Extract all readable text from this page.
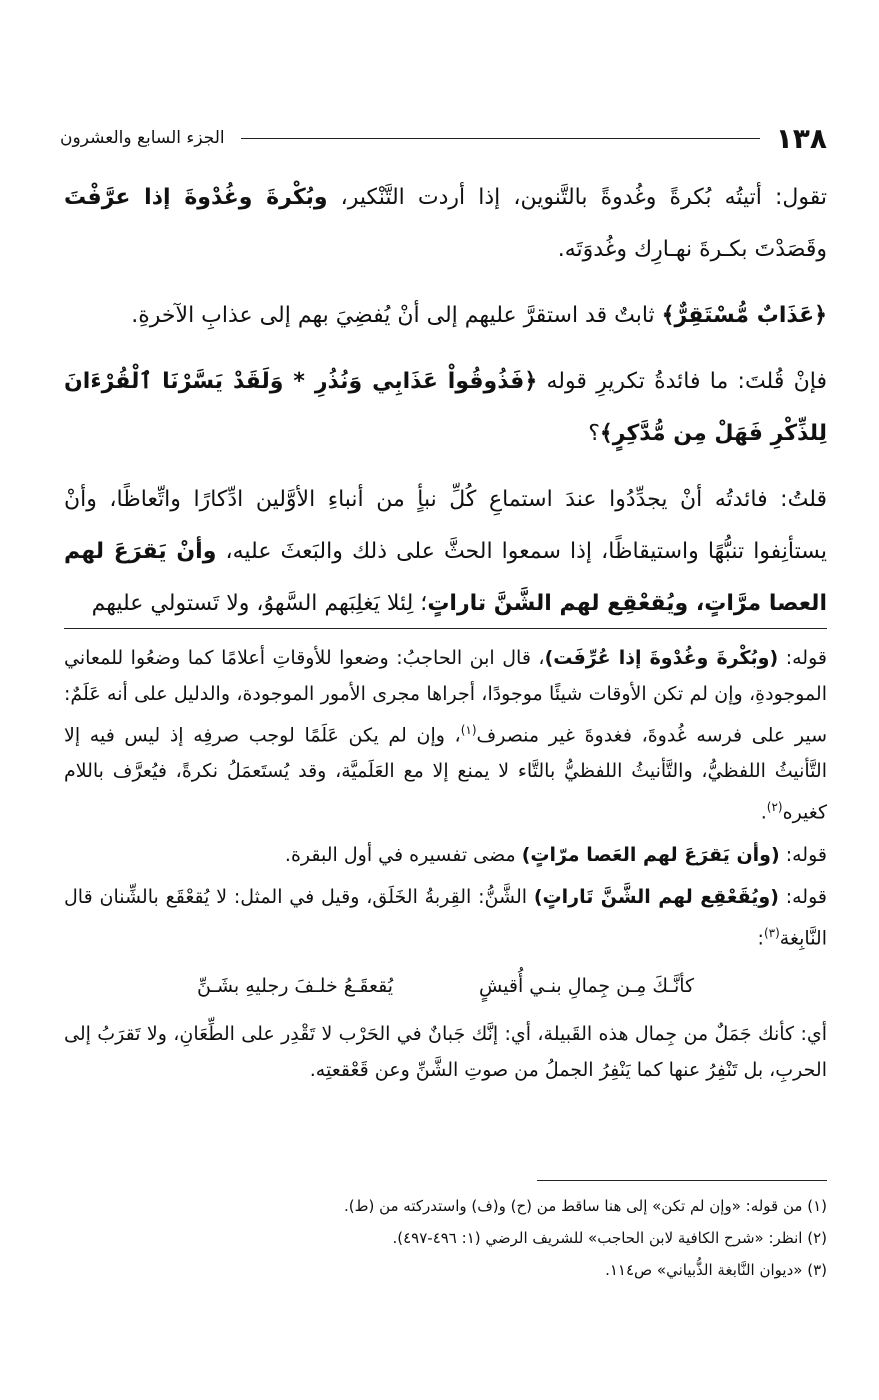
١٣٨
الجزء السابع والعشرون

تقول: أتيتُه بُكرةً وغُدوةً بالتَّنوين، إذا أردت التَّنْكير، وبُكْرةَ وغُدْوةَ إذا عرَّفْتَ وقَصَدْتَ بكـرةَ نهـارِك وغُدوَتَه.

﴿عَذَابٌ مُّسْتَقِرٌّ﴾ ثابتٌ قد استقرَّ عليهم إلى أنْ يُفضِيَ بهم إلى عذابِ الآخرةِ.

فإنْ قُلتَ: ما فائدةُ تكريرِ قوله ﴿فَذُوقُواْ عَذَابِي وَنُذُرِ * وَلَقَدْ يَسَّرْنَا ٱلْقُرْءَانَ لِلذِّكْرِ فَهَلْ مِن مُّدَّكِرٍ﴾؟

قلتُ: فائدتُه أنْ يجدِّدُوا عندَ استماعِ كُلِّ نبأٍ من أنباءِ الأوَّلين ادِّكارًا واتِّعاظًا، وأنْ يستأنِفوا تنبُّهًا واستيقاظًا، إذا سمعوا الحثَّ على ذلك والبَعثَ عليه، وأنْ يَقرَعَ لهم العصا مرَّاتٍ، ويُقعْقِع لهم الشَّنَّ تاراتٍ؛ لِئلا يَغلِبَهم السَّهوُ، ولا تَستولي عليهم

قوله: (وبُكْرةَ وغُدْوةَ إذا عُرِّفَت)، قال ابن الحاجبُ: وضعوا للأوقاتِ أعلامًا كما وضعُوا للمعاني الموجودةِ، وإن لم تكن الأوقات شيئًا موجودًا، أجراها مجرى الأمور الموجودة، والدليل على أنه عَلَمٌ: سير على فرسه غُدوةَ، فغدوةَ غير منصرف$^{(١)}$، وإن لم يكن عَلَمًا لوجب صرفِه إذ ليس فيه إلا التَّأنيثُ اللفظيُّ، والتَّأنيثُ اللفظيُّ بالتَّاء لا يمنع إلا مع العَلَميَّة، وقد يُستَعمَلُ نكرةً، فيُعرَّف باللام كغيره$^{(٢)}$.

قوله: (وأن يَقرَعَ لهم العَصا مرّاتٍ) مضى تفسيره في أول البقرة.

قوله: (ويُقَعْقِع لهم الشَّنَّ تَاراتٍ) الشَّنُّ: القِربةُ الخَلَق، وقيل في المثل: لا يُقعْقَع بالشِّنان قال النَّابِغة$^{(٣)}$:

كأنَّـكَ مِـن جِمالِ بنـي أُقيشٍ
يُقعقَـعُ خلـفَ رجليهِ بشَـنِّ

أي: كأنك جَمَلٌ من جِمال هذه القَبيلة، أي: إنَّك جَبانٌ في الحَرْب لا تَقْدِر على الطِّعَانِ، ولا تَقرَبُ إلى الحربِ، بل تَنْفِرُ عنها كما يَنْفِرُ الجملُ من صوتِ الشَّنِّ وعن قَعْقعتِه.

(١) من قوله: «وإن لم تكن» إلى هنا ساقط من (ح) و(ف) واستدركته من (ط).

(٢) انظر: «شرح الكافية لابن الحاجب» للشريف الرضي (١: ٤٩٦-٤٩٧).

(٣) «ديوان النَّابغة الذُّبياني» ص١١٤.
